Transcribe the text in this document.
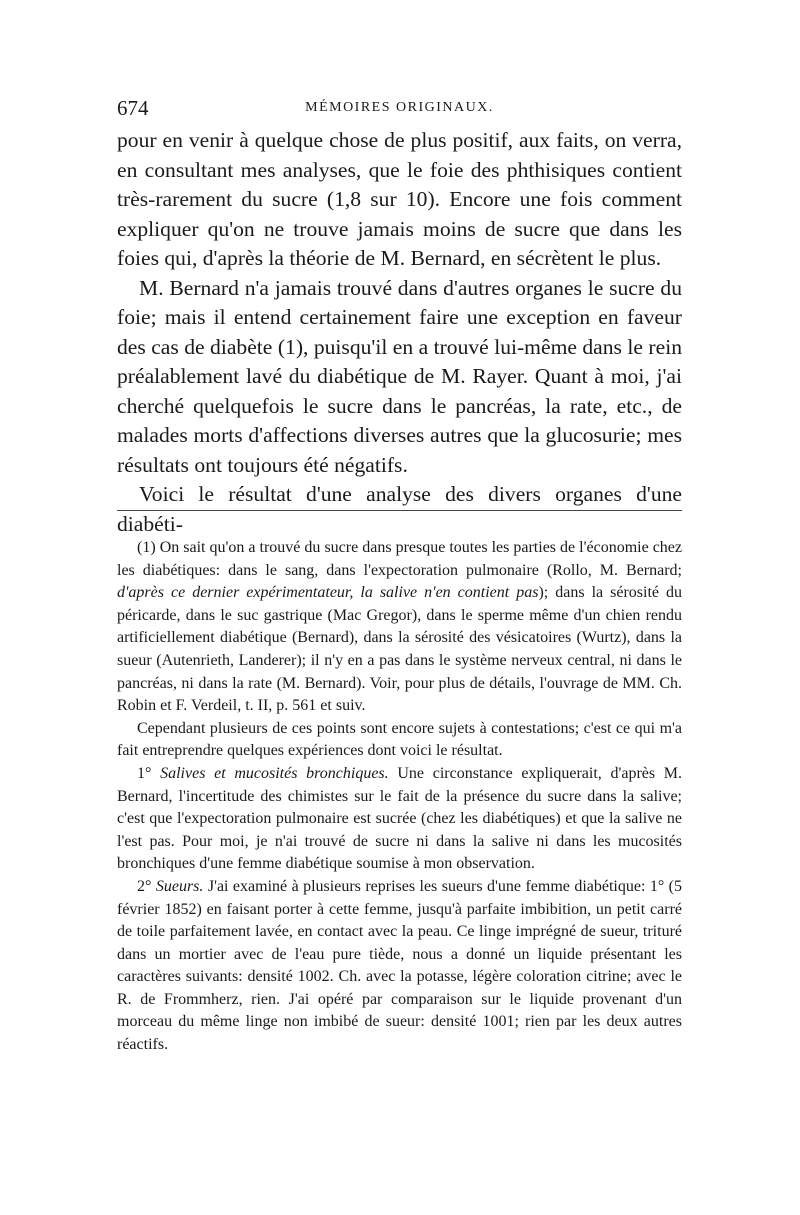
674	MÉMOIRES ORIGINAUX.

pour en venir à quelque chose de plus positif, aux faits, on verra, en consultant mes analyses, que le foie des phthisiques contient très-rarement du sucre (1,8 sur 10). Encore une fois comment expliquer qu'on ne trouve jamais moins de sucre que dans les foies qui, d'après la théorie de M. Bernard, en sécrètent le plus.

M. Bernard n'a jamais trouvé dans d'autres organes le sucre du foie; mais il entend certainement faire une exception en faveur des cas de diabète (1), puisqu'il en a trouvé lui-même dans le rein préalablement lavé du diabétique de M. Rayer. Quant à moi, j'ai cherché quelquefois le sucre dans le pancréas, la rate, etc., de malades morts d'affections diverses autres que la glucosurie; mes résultats ont toujours été négatifs.

Voici le résultat d'une analyse des divers organes d'une diabéti-

(1) On sait qu'on a trouvé du sucre dans presque toutes les parties de l'économie chez les diabétiques: dans le sang, dans l'expectoration pulmonaire (Rollo, M. Bernard; d'après ce dernier expérimentateur, la salive n'en contient pas); dans la sérosité du péricarde, dans le suc gastrique (Mac Gregor), dans le sperme même d'un chien rendu artificiellement diabétique (Bernard), dans la sérosité des vésicatoires (Wurtz), dans la sueur (Autenrieth, Landerer); il n'y en a pas dans le système nerveux central, ni dans le pancréas, ni dans la rate (M. Bernard). Voir, pour plus de détails, l'ouvrage de MM. Ch. Robin et F. Verdeil, t. II, p. 561 et suiv.

Cependant plusieurs de ces points sont encore sujets à contestations; c'est ce qui m'a fait entreprendre quelques expériences dont voici le résultat.

1° Salives et mucosités bronchiques. Une circonstance expliquerait, d'après M. Bernard, l'incertitude des chimistes sur le fait de la présence du sucre dans la salive; c'est que l'expectoration pulmonaire est sucrée (chez les diabétiques) et que la salive ne l'est pas. Pour moi, je n'ai trouvé de sucre ni dans la salive ni dans les mucosités bronchiques d'une femme diabétique soumise à mon observation.

2° Sueurs. J'ai examiné à plusieurs reprises les sueurs d'une femme diabétique: 1° (5 février 1852) en faisant porter à cette femme, jusqu'à parfaite imbibition, un petit carré de toile parfaitement lavée, en contact avec la peau. Ce linge imprégné de sueur, trituré dans un mortier avec de l'eau pure tiède, nous a donné un liquide présentant les caractères suivants: densité 1002. Ch. avec la potasse, légère coloration citrine; avec le R. de Frommherz, rien. J'ai opéré par comparaison sur le liquide provenant d'un morceau du même linge non imbibé de sueur: densité 1001; rien par les deux autres réactifs.
